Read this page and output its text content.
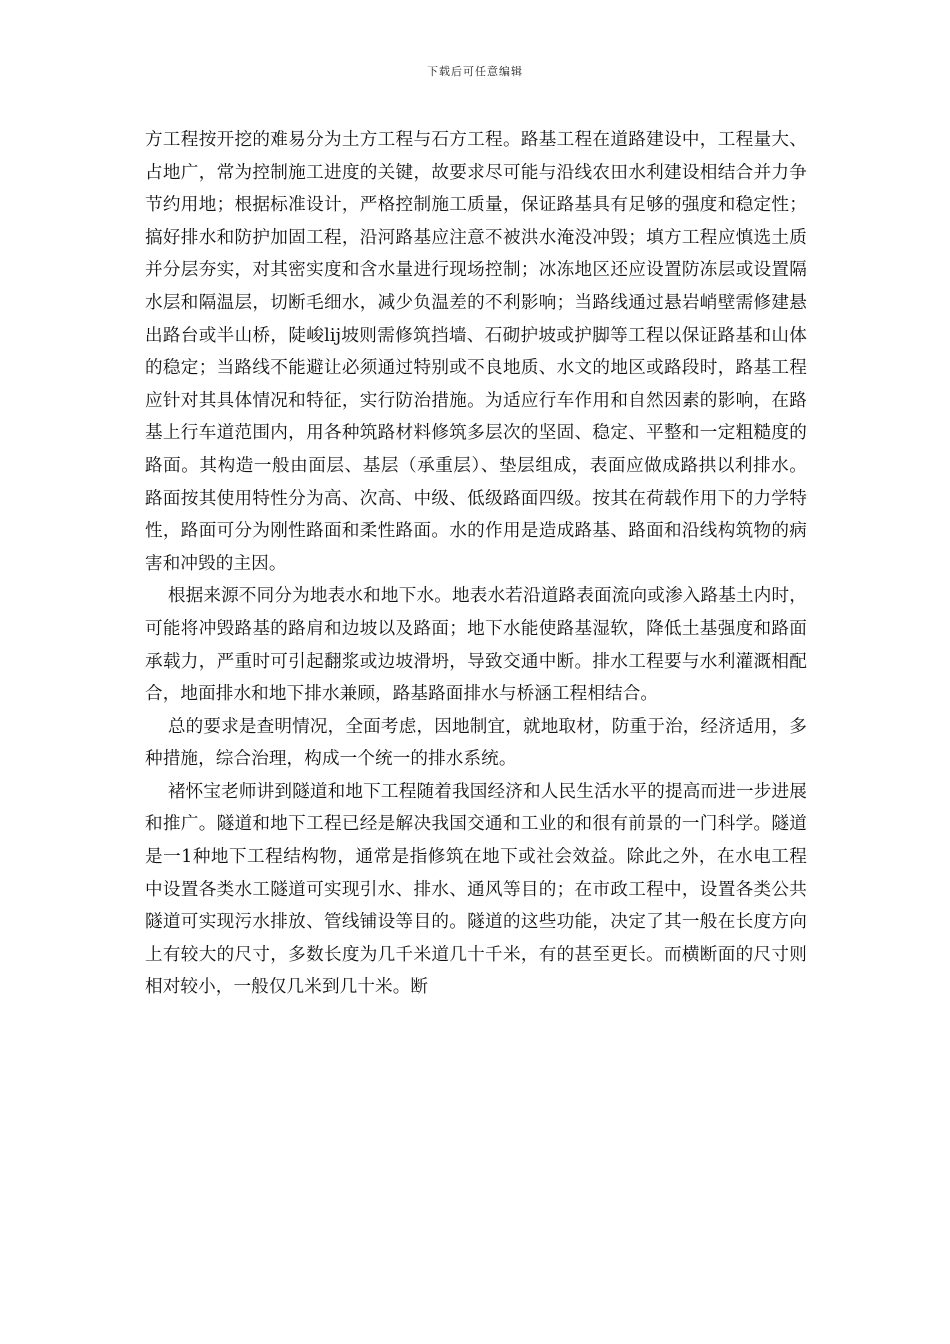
下载后可任意编辑

方工程按开挖的难易分为土方工程与石方工程。路基工程在道路建设中，工程量大、占地广，常为控制施工进度的关键，故要求尽可能与沿线农田水利建设相结合并力争节约用地；根据标准设计，严格控制施工质量，保证路基具有足够的强度和稳定性；搞好排水和防护加固工程，沿河路基应注意不被洪水淹没冲毁；填方工程应慎选土质并分层夯实，对其密实度和含水量进行现场控制；冰冻地区还应设置防冻层或设置隔水层和隔温层，切断毛细水，减少负温差的不利影响；当路线通过悬岩峭壁需修建悬出路台或半山桥，陡峻lij坡则需修筑挡墙、石砌护坡或护脚等工程以保证路基和山体的稳定；当路线不能避让必须通过特别或不良地质、水文的地区或路段时，路基工程应针对其具体情况和特征，实行防治措施。为适应行车作用和自然因素的影响，在路基上行车道范围内，用各种筑路材料修筑多层次的坚固、稳定、平整和一定粗糙度的路面。其构造一般由面层、基层（承重层）、垫层组成，表面应做成路拱以利排水。路面按其使用特性分为高、次高、中级、低级路面四级。按其在荷载作用下的力学特性，路面可分为刚性路面和柔性路面。水的作用是造成路基、路面和沿线构筑物的病害和冲毁的主因。

根据来源不同分为地表水和地下水。地表水若沿道路表面流向或渗入路基土内时，可能将冲毁路基的路肩和边坡以及路面；地下水能使路基湿软，降低土基强度和路面承载力，严重时可引起翻浆或边坡滑坍，导致交通中断。排水工程要与水利灌溉相配合，地面排水和地下排水兼顾，路基路面排水与桥涵工程相结合。

总的要求是查明情况，全面考虑，因地制宜，就地取材，防重于治，经济适用，多种措施，综合治理，构成一个统一的排水系统。

褚怀宝老师讲到隧道和地下工程随着我国经济和人民生活水平的提高而进一步进展和推广。隧道和地下工程已经是解决我国交通和工业的和很有前景的一门科学。隧道是一1种地下工程结构物，通常是指修筑在地下或社会效益。除此之外，在水电工程中设置各类水工隧道可实现引水、排水、通风等目的；在市政工程中，设置各类公共隧道可实现污水排放、管线铺设等目的。隧道的这些功能，决定了其一般在长度方向上有较大的尺寸，多数长度为几千米道几十千米，有的甚至更长。而横断面的尺寸则相对较小，一般仅几米到几十米。断
